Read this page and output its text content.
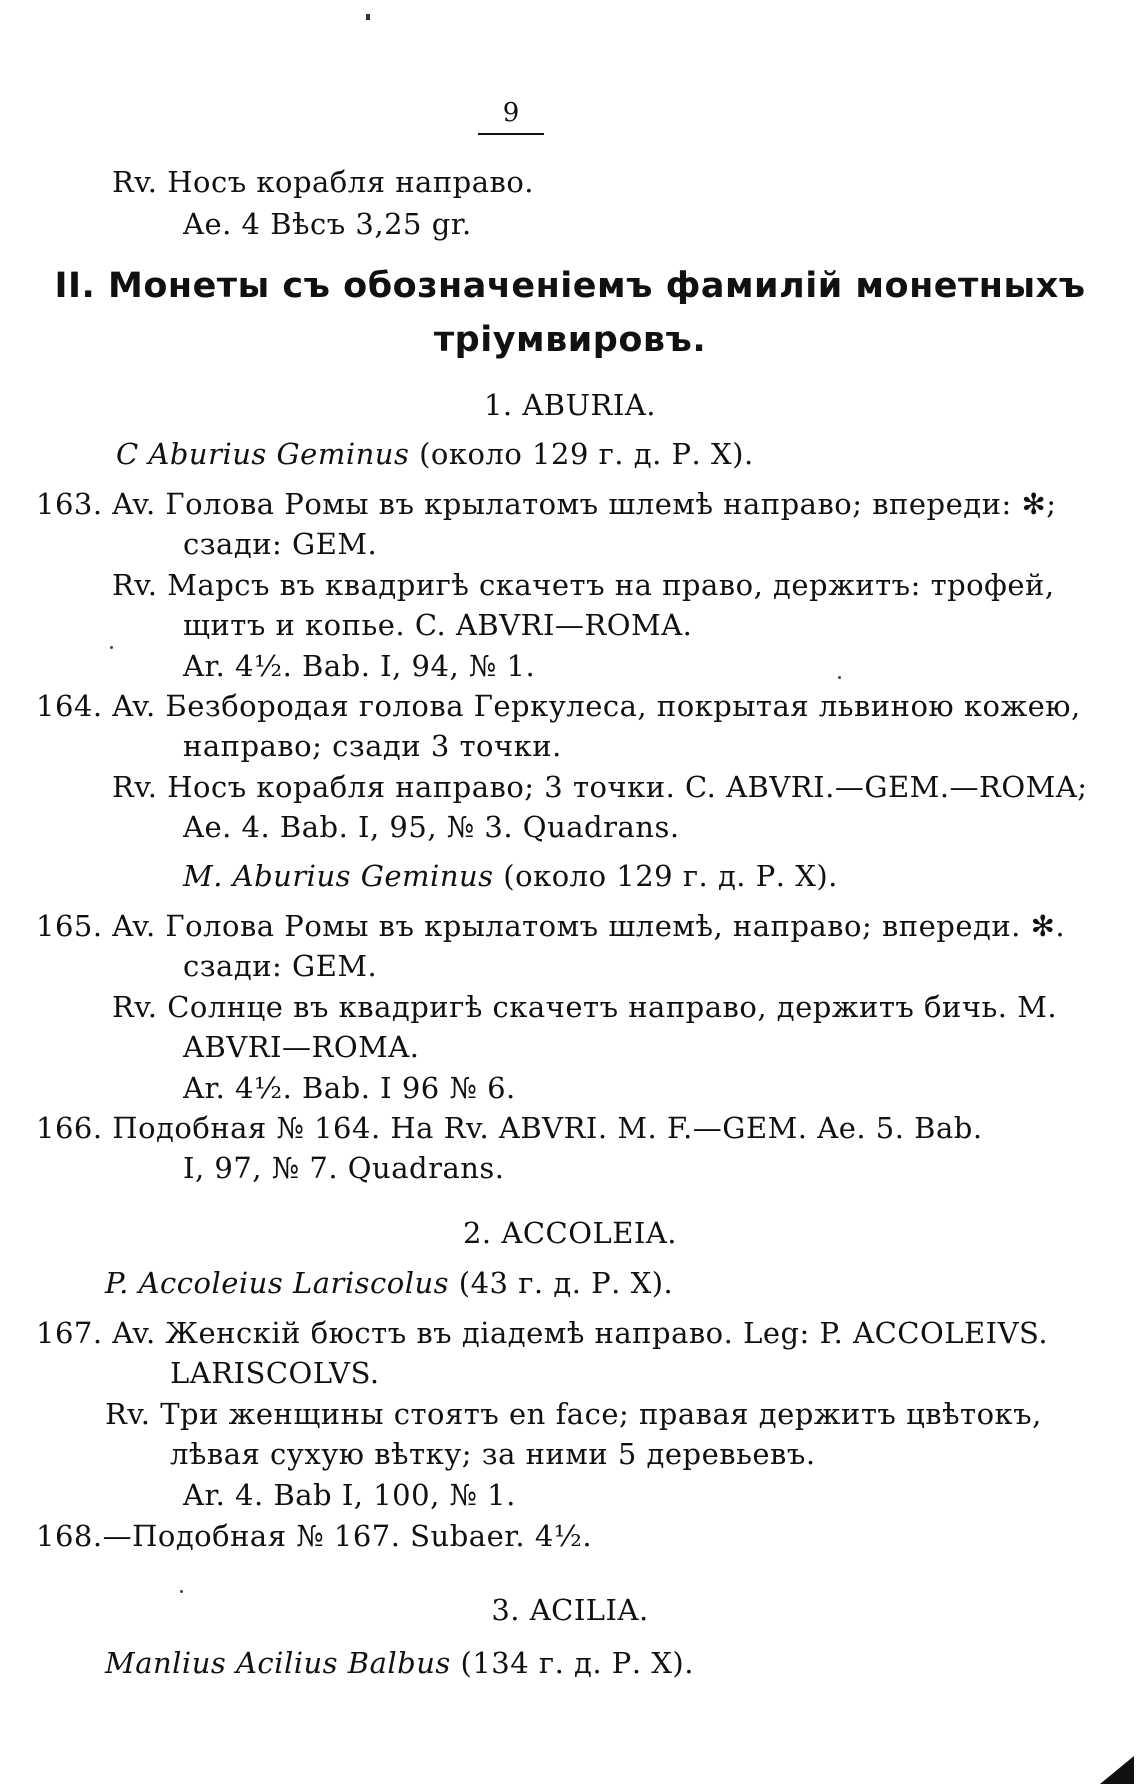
9
Rv. Носъ корабля направо.
Ae. 4 Вѣсъ 3,25 gr.
II. Монеты съ обозначеніемъ фамилій монетныхъ
тріумвировъ.
1. ABURIA.
C Aburius Geminus (около 129 г. д. Р. X).
163. Av. Голова Ромы въ крылатомъ шлемѣ направо; впереди: ✻;
сзади: GEM.
Rv. Марсъ въ квадригѣ скачетъ на право, держитъ: трофей,
щитъ и копье. C. ABVRI—ROMA.
Ar. 4½. Bab. I, 94, № 1.
164. Av. Безбородая голова Геркулеса, покрытая львиною кожею,
направо; сзади 3 точки.
Rv. Носъ корабля направо; 3 точки. C. ABVRI.—GEM.—ROMA;
Ae. 4. Bab. I, 95, № 3. Quadrans.
M. Aburius Geminus (около 129 г. д. Р. X).
165. Av. Голова Ромы въ крылатомъ шлемѣ, направо; впереди. ✻.
сзади: GEM.
Rv. Солнце въ квадригѣ скачетъ направо, держитъ бичь. M.
ABVRI—ROMA.
Ar. 4½. Bab. I 96 № 6.
166. Подобная № 164. На Rv. ABVRI. M. F.—GEM. Ae. 5. Bab.
I, 97, № 7. Quadrans.
2. ACCOLEIA.
P. Accoleius Lariscolus (43 г. д. Р. X).
167. Av. Женскій бюстъ въ діадемѣ направо. Leg: P. ACCOLEIVS.
LARISCOLVS.
Rv. Три женщины стоятъ en face; правая держитъ цвѣтокъ,
лѣвая сухую вѣтку; за ними 5 деревьевъ.
Ar. 4. Bab I, 100, № 1.
168.—Подобная № 167. Subaer. 4½.
3. ACILIA.
Manlius Acilius Balbus (134 г. д. Р. X).
